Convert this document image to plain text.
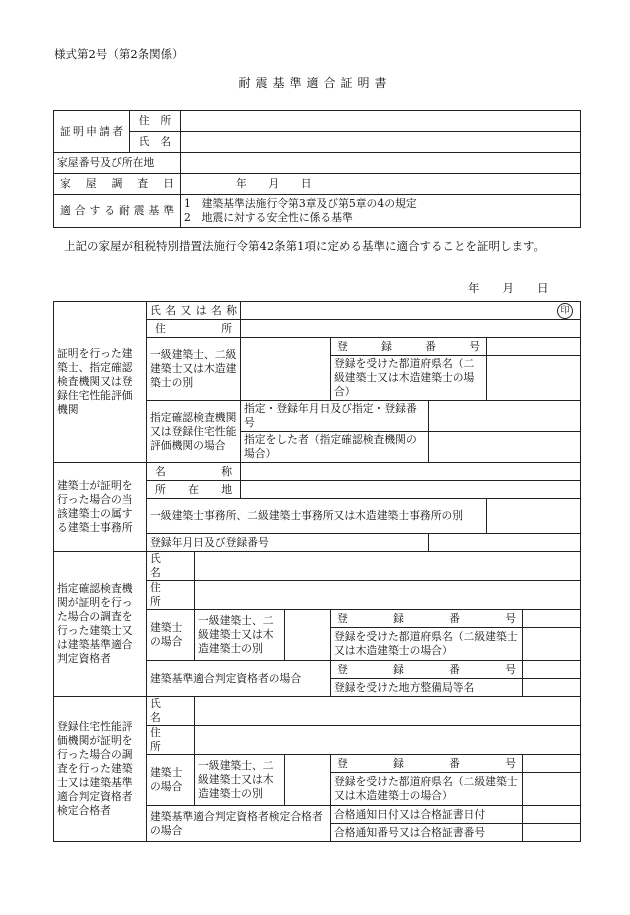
様式第2号（第2条関係）
耐震基準適合証明書
証明申請者	住　所	
	氏　名	
家屋番号及び所在地		
家屋調査日		年　　月　　日
適合する耐震基準		1　建築基準法施行令第3章及び第5章の4の規定
2　地震に対する安全性に係る基準
上記の家屋が租税特別措置法施行令第42条第1項に定める基準に適合することを証明します。
年　　月　　日
証明を行った建築士、指定確認検査機関又は登録住宅性能評価機関	氏名又は名称		印					

	住　　所							
	一級建築士、二級建築士又は木造建築士の別				登　録　番　号			
					登録を受けた都道府県名（二級建築士又は木造建築士の場合）			

	指定確認検査機関又は登録住宅性能評価機関の場合		指定・登録年月日及び指定・登録番号					

			指定をした者（指定確認検査機関の場合）					

建築士が証明を行った場合の当該建築士の属する建築士事務所	名　　称							
	所　在　地							
	一級建築士事務所、二級建築士事務所又は木造建築士事務所の別							

	登録年月日及び登録番号							
指定確認検査機関が証明を行った場合の調査を行った建築士又は建築基準適合判定資格者	氏　　名							
	住　　所							
	建築士の場合	一級建築士、二級建築士又は木造建築士の別			登　録　番　号			
					登録を受けた都道府県名（二級建築士又は木造建築士の場合）			

	建築基準適合判定資格者の場合				登　録　番　号			
					登録を受けた地方整備局等名			
登録住宅性能評価機関が証明を行った場合の調査を行った建築士又は建築基準適合判定資格者検定合格者	氏　　名							
	住　　所							
	建築士の場合	一級建築士、二級建築士又は木造建築士の別			登　録　番　号			
					登録を受けた都道府県名（二級建築士又は木造建築士の場合）			

	建築基準適合判定資格者検定合格者の場合				合格通知日付又は合格証書日付			
					合格通知番号又は合格証書番号			
